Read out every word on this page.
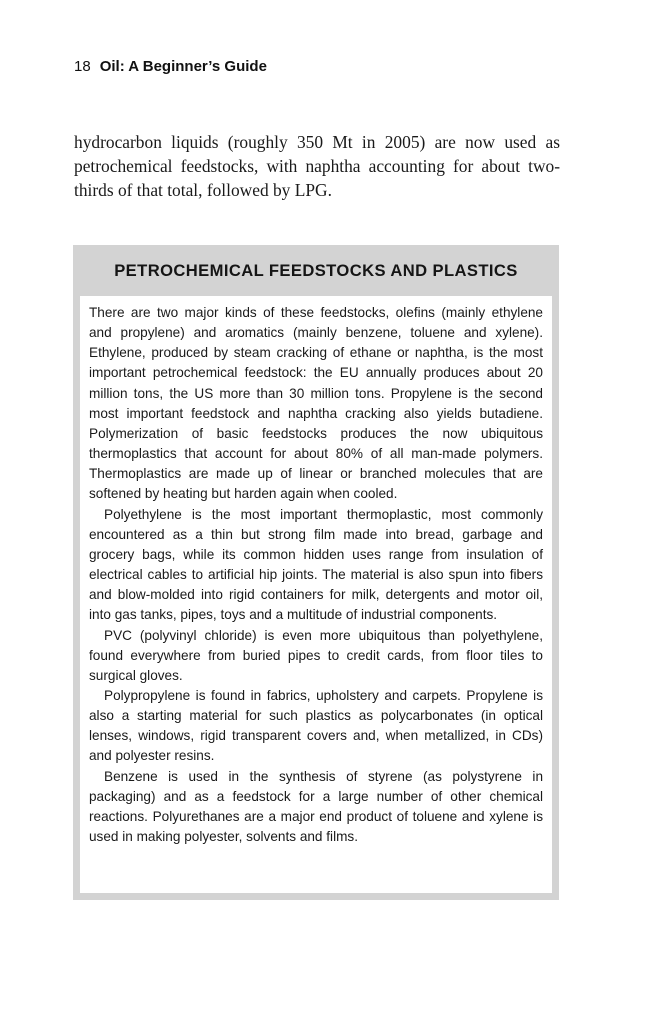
18 Oil: A Beginner’s Guide

hydrocarbon liquids (roughly 350 Mt in 2005) are now used as petrochemical feedstocks, with naphtha accounting for about two-thirds of that total, followed by LPG.

PETROCHEMICAL FEEDSTOCKS AND PLASTICS

There are two major kinds of these feedstocks, olefins (mainly ethylene and propylene) and aromatics (mainly benzene, toluene and xylene). Ethylene, produced by steam cracking of ethane or naphtha, is the most important petrochemical feedstock: the EU annually produces about 20 million tons, the US more than 30 million tons. Propylene is the second most important feedstock and naphtha cracking also yields butadiene. Polymerization of basic feedstocks produces the now ubiquitous thermoplastics that account for about 80% of all man-made polymers. Thermoplastics are made up of linear or branched molecules that are softened by heating but harden again when cooled.

Polyethylene is the most important thermoplastic, most commonly encountered as a thin but strong film made into bread, garbage and grocery bags, while its common hidden uses range from insulation of electrical cables to artificial hip joints. The material is also spun into fibers and blow-molded into rigid containers for milk, detergents and motor oil, into gas tanks, pipes, toys and a multitude of industrial components.

PVC (polyvinyl chloride) is even more ubiquitous than polyethylene, found everywhere from buried pipes to credit cards, from floor tiles to surgical gloves.

Polypropylene is found in fabrics, upholstery and carpets. Propylene is also a starting material for such plastics as polycarbonates (in optical lenses, windows, rigid transparent covers and, when metallized, in CDs) and polyester resins.

Benzene is used in the synthesis of styrene (as polystyrene in packaging) and as a feedstock for a large number of other chemical reactions. Polyurethanes are a major end product of toluene and xylene is used in making polyester, solvents and films.
